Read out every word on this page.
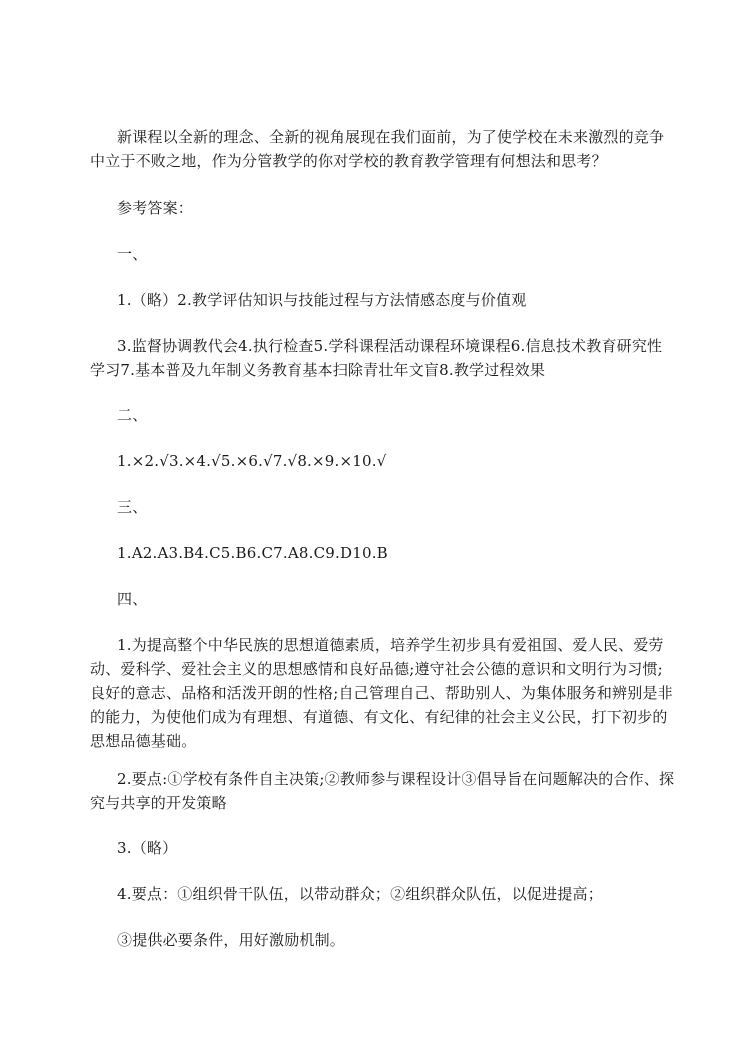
新课程以全新的理念、全新的视角展现在我们面前，为了使学校在未来激烈的竞争中立于不败之地，作为分管教学的你对学校的教育教学管理有何想法和思考？

参考答案：

一、

1.（略）2.教学评估知识与技能过程与方法情感态度与价值观

3.监督协调教代会4.执行检查5.学科课程活动课程环境课程6.信息技术教育研究性学习7.基本普及九年制义务教育基本扫除青壮年文盲8.教学过程效果

二、

1.×2.√3.×4.√5.×6.√7.√8.×9.×10.√

三、

1.A2.A3.B4.C5.B6.C7.A8.C9.D10.B

四、

1.为提高整个中华民族的思想道德素质，培养学生初步具有爱祖国、爱人民、爱劳动、爱科学、爱社会主义的思想感情和良好品德;遵守社会公德的意识和文明行为习惯;良好的意志、品格和活泼开朗的性格;自己管理自己、帮助别人、为集体服务和辨别是非的能力，为使他们成为有理想、有道德、有文化、有纪律的社会主义公民，打下初步的思想品德基础。

2.要点:①学校有条件自主决策;②教师参与课程设计③倡导旨在问题解决的合作、探究与共享的开发策略

3.（略）

4.要点：①组织骨干队伍，以带动群众；②组织群众队伍，以促进提高；

③提供必要条件，用好激励机制。
